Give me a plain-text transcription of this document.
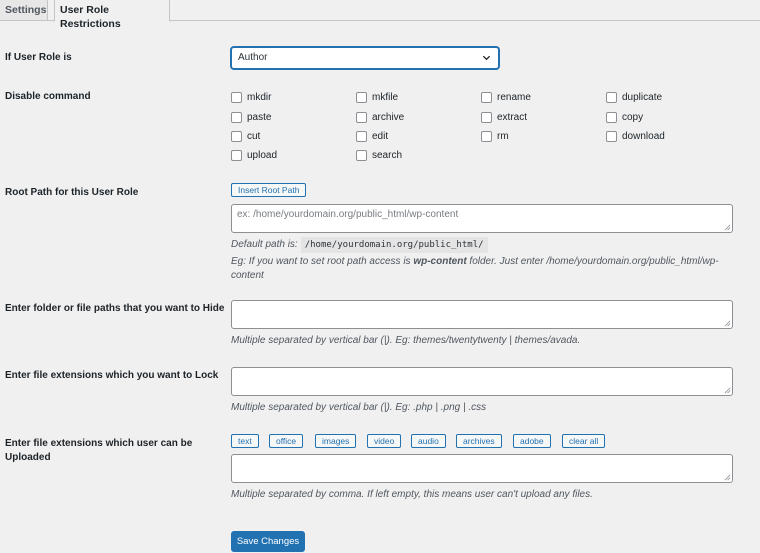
Settings	User Role Restrictions
If User Role is	Author
Disable command	mkdir	mkfile	rename	duplicate
paste	archive	extract	copy
cut	edit	rm	download
upload	search
Root Path for this User Role	Insert Root Path
ex: /home/yourdomain.org/public_html/wp-content
Default path is: /home/yourdomain.org/public_html/
Eg: If you want to set root path access is wp-content folder. Just enter /home/yourdomain.org/public_html/wp-
content
Enter folder or file paths that you want to Hide
Multiple separated by vertical bar (|). Eg: themes/twentytwenty | themes/avada.
Enter file extensions which you want to Lock
Multiple separated by vertical bar (|). Eg: .php | .png | .css
Enter file extensions which user can be
Uploaded
text	office	images	video	audio	archives	adobe	clear all
Multiple separated by comma. If left empty, this means user can't upload any files.
Save Changes
